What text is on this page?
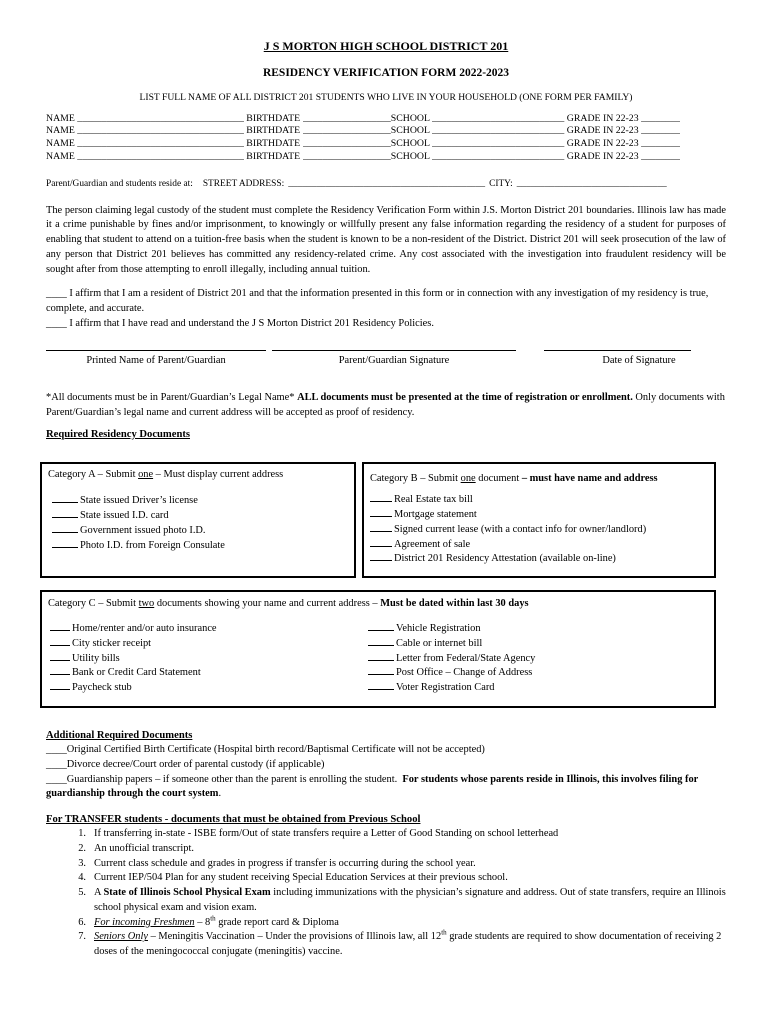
J S MORTON HIGH SCHOOL DISTRICT 201
RESIDENCY VERIFICATION FORM 2022-2023
LIST FULL NAME OF ALL DISTRICT 201 STUDENTS WHO LIVE IN YOUR HOUSEHOLD (ONE FORM PER FAMILY)
NAME __________________________________ BIRTHDATE __________________ SCHOOL ___________________________ GRADE IN 22-23 ________
NAME __________________________________ BIRTHDATE __________________ SCHOOL ___________________________ GRADE IN 22-23 ________
NAME __________________________________ BIRTHDATE __________________ SCHOOL ___________________________ GRADE IN 22-23 ________
NAME __________________________________ BIRTHDATE __________________ SCHOOL ___________________________ GRADE IN 22-23 ________
Parent/Guardian and students reside at: STREET ADDRESS: __________________________________________ CITY: ________________________________

The person claiming legal custody of the student must complete the Residency Verification Form within J.S. Morton District 201 boundaries. Illinois law has made it a crime punishable by fines and/or imprisonment, to knowingly or willfully present any false information regarding the residency of a student for purposes of enabling that student to attend on a tuition-free basis when the student is known to be a non-resident of the District. District 201 will seek prosecution of the law of any person that District 201 believes has committed any residency-related crime. Any cost associated with the investigation into fraudulent residency will be sought after from those attempting to enroll illegally, including annual tuition.

____ I affirm that I am a resident of District 201 and that the information presented in this form or in connection with any investigation of my residency is true, complete, and accurate.
____ I affirm that I have read and understand the J S Morton District 201 Residency Policies.
Printed Name of Parent/Guardian	Parent/Guardian Signature	Date of Signature
*All documents must be in Parent/Guardian’s Legal Name* ALL documents must be presented at the time of registration or enrollment. Only documents with Parent/Guardian’s legal name and current address will be accepted as proof of residency.
Required Residency Documents
Category A – Submit one – Must display current address
State issued Driver’s license
State issued I.D. card
Government issued photo I.D.
Photo I.D. from Foreign Consulate
Category B – Submit one document – must have name and address
Real Estate tax bill
Mortgage statement
Signed current lease (with a contact info for owner/landlord)
Agreement of sale
District 201 Residency Attestation (available on-line)
Category C – Submit two documents showing your name and current address – Must be dated within last 30 days
Home/renter and/or auto insurance
City sticker receipt
Utility bills
Bank or Credit Card Statement
Paycheck stub
Vehicle Registration
Cable or internet bill
Letter from Federal/State Agency
Post Office – Change of Address
Voter Registration Card
Additional Required Documents
____Original Certified Birth Certificate (Hospital birth record/Baptismal Certificate will not be accepted)
____Divorce decree/Court order of parental custody (if applicable)
____Guardianship papers – if someone other than the parent is enrolling the student. For students whose parents reside in Illinois, this involves filing for guardianship through the court system.
For TRANSFER students - documents that must be obtained from Previous School
1. If transferring in-state - ISBE form/Out of state transfers require a Letter of Good Standing on school letterhead
2. An unofficial transcript.
3. Current class schedule and grades in progress if transfer is occurring during the school year.
4. Current IEP/504 Plan for any student receiving Special Education Services at their previous school.
5. A State of Illinois School Physical Exam including immunizations with the physician’s signature and address. Out of state transfers, require an Illinois school physical exam and vision exam.
6. For incoming Freshmen – 8th grade report card & Diploma
7. Seniors Only – Meningitis Vaccination – Under the provisions of Illinois law, all 12th grade students are required to show documentation of receiving 2 doses of the meningococcal conjugate (meningitis) vaccine.
